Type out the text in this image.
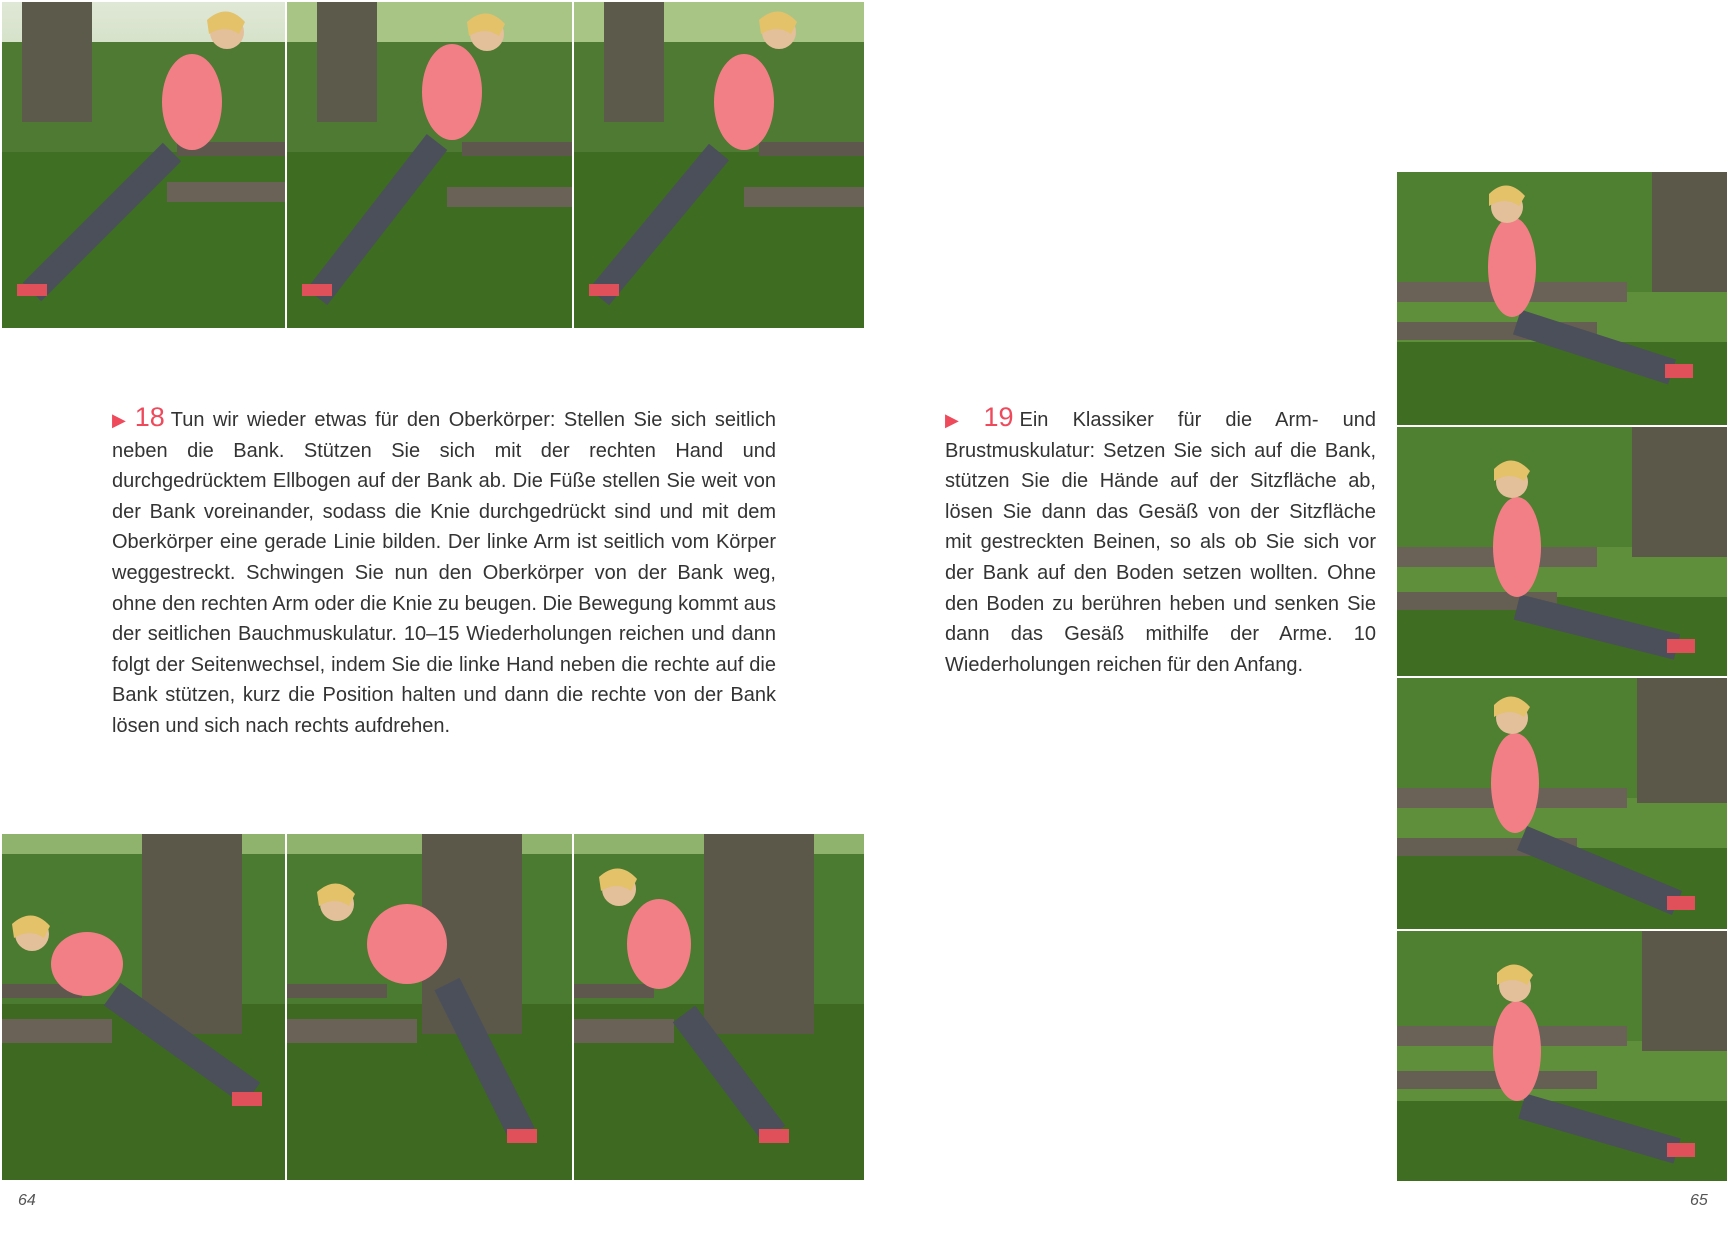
▶ 18 Tun wir wieder etwas für den Oberkörper: Stellen Sie sich seitlich neben die Bank. Stützen Sie sich mit der rechten Hand und durchgedrücktem Ellbogen auf der Bank ab. Die Füße stellen Sie weit von der Bank voreinander, sodass die Knie durchgedrückt sind und mit dem Oberkörper eine gerade Linie bilden. Der linke Arm ist seitlich vom Körper weggestreckt. Schwingen Sie nun den Oberkörper von der Bank weg, ohne den rechten Arm oder die Knie zu beugen. Die Bewegung kommt aus der seitlichen Bauchmuskulatur. 10–15 Wiederholungen reichen und dann folgt der Seitenwechsel, indem Sie die linke Hand neben die rechte auf die Bank stützen, kurz die Position halten und dann die rechte von der Bank lösen und sich nach rechts aufdrehen.
64
▶ 19 Ein Klassiker für die Arm- und Brustmuskulatur: Setzen Sie sich auf die Bank, stützen Sie die Hände auf der Sitzfläche ab, lösen Sie dann das Gesäß von der Sitzfläche mit gestreckten Beinen, so als ob Sie sich vor der Bank auf den Boden setzen wollten. Ohne den Boden zu berühren heben und senken Sie dann das Gesäß mithilfe der Arme. 10 Wiederholungen reichen für den Anfang.
65
